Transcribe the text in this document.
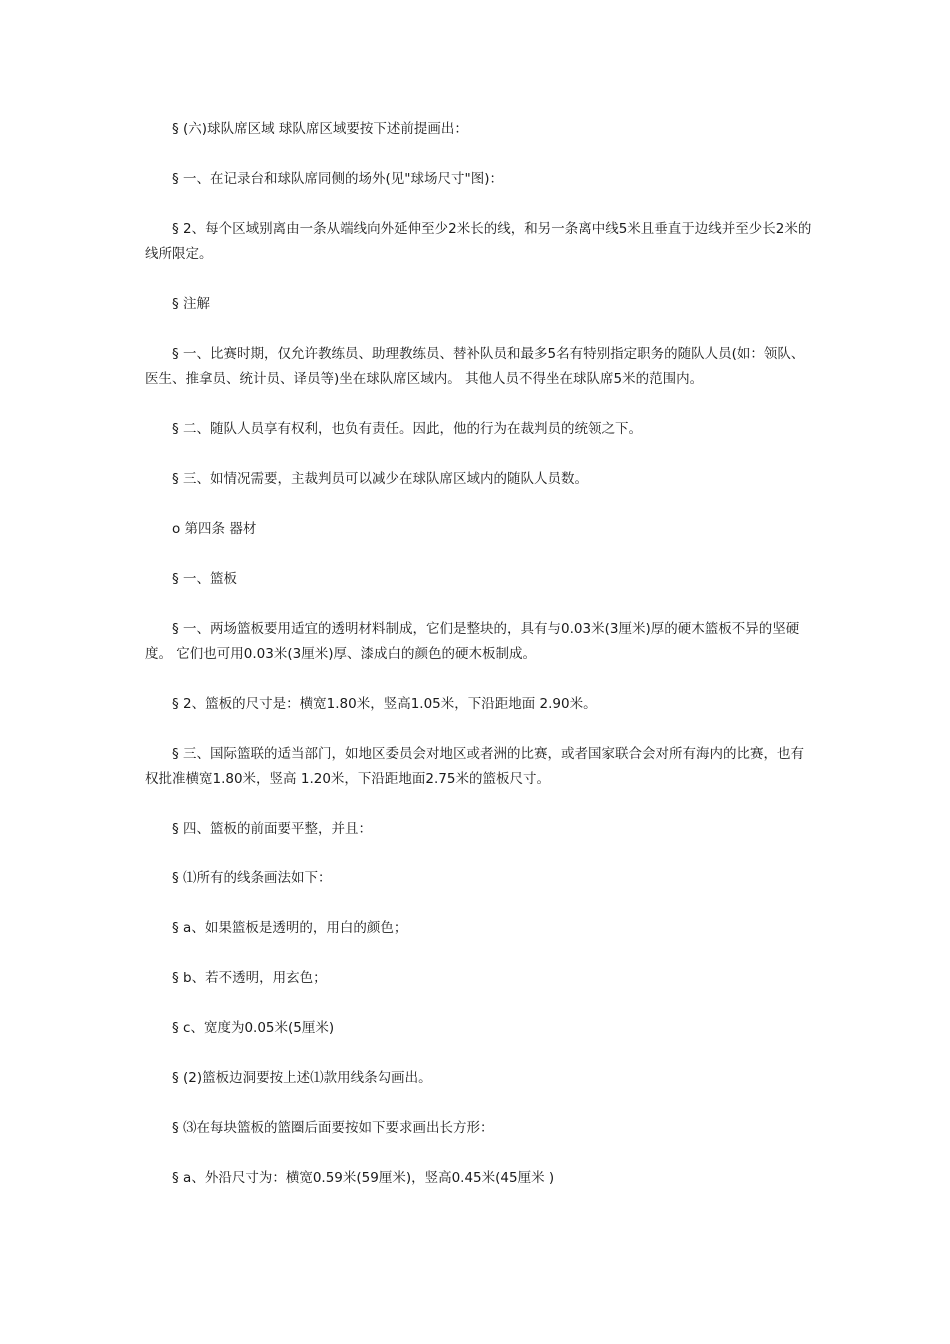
§ (六)球队席区域 球队席区域要按下述前提画出：

§ 一、在记录台和球队席同侧的场外(见"球场尺寸"图)：

§ 2、每个区域别离由一条从端线向外延伸至少2米长的线，和另一条离中线5米且垂直于边线并至少长2米的线所限定。

§ 注解

§ 一、比赛时期，仅允许教练员、助理教练员、替补队员和最多5名有特别指定职务的随队人员(如：领队、医生、推拿员、统计员、译员等)坐在球队席区域内。 其他人员不得坐在球队席5米的范围内。

§ 二、随队人员享有权利，也负有责任。因此，他的行为在裁判员的统领之下。

§ 三、如情况需要，主裁判员可以减少在球队席区域内的随队人员数。

o 第四条 器材

§ 一、篮板

§ 一、两场篮板要用适宜的透明材料制成，它们是整块的，具有与0.03米(3厘米)厚的硬木篮板不异的坚硬度。 它们也可用0.03米(3厘米)厚、漆成白的颜色的硬木板制成。

§ 2、篮板的尺寸是：横宽1.80米，竖高1.05米，下沿距地面 2.90米。

§ 三、国际篮联的适当部门，如地区委员会对地区或者洲的比赛，或者国家联合会对所有海内的比赛，也有权批准横宽1.80米，竖高 1.20米，下沿距地面2.75米的篮板尺寸。

§ 四、篮板的前面要平整，并且：

§ ⑴所有的线条画法如下：

§ a、如果篮板是透明的，用白的颜色；

§ b、若不透明，用玄色；

§ c、宽度为0.05米(5厘米)

§ (2)篮板边洞要按上述⑴款用线条勾画出。

§ ⑶在每块篮板的篮圈后面要按如下要求画出长方形：

§ a、外沿尺寸为：横宽0.59米(59厘米)，竖高0.45米(45厘米 )
